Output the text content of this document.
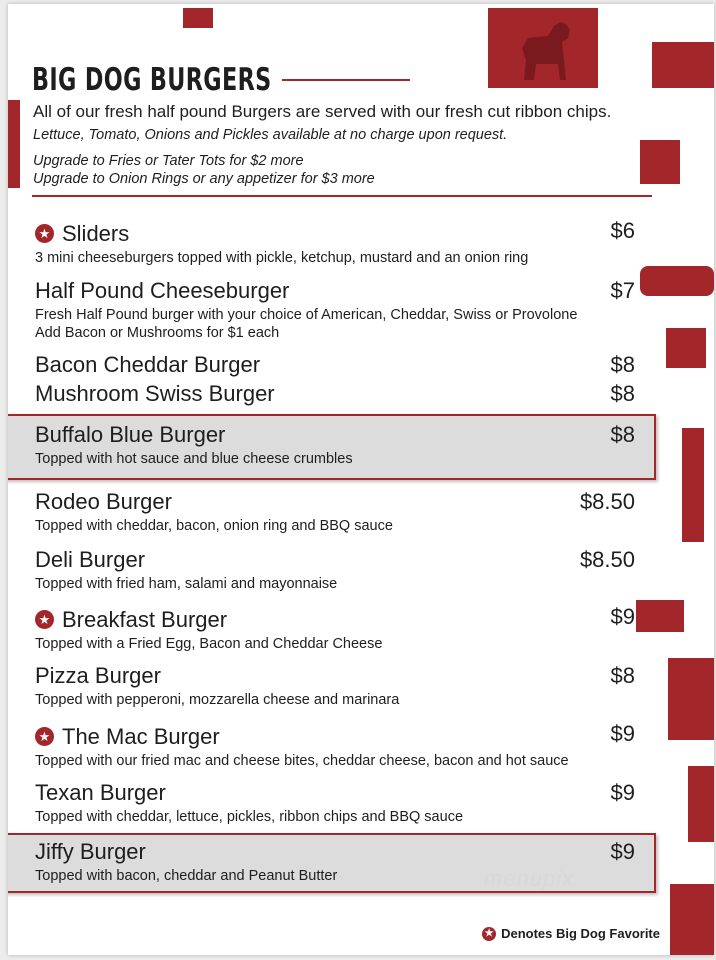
BIG DOG BURGERS

All of our fresh half pound Burgers are served with our fresh cut ribbon chips.

Lettuce, Tomato, Onions and Pickles available at no charge upon request.

Upgrade to Fries or Tater Tots for $2 more

Upgrade to Onion Rings or any appetizer for $3 more

★ Sliders	$6
3 mini cheeseburgers topped with pickle, ketchup, mustard and an onion ring
Half Pound Cheeseburger	$7
Fresh Half Pound burger with your choice of American, Cheddar, Swiss or Provolone
Add Bacon or Mushrooms for $1 each
Bacon Cheddar Burger	$8
Mushroom Swiss Burger	$8
Buffalo Blue Burger	$8
Topped with hot sauce and blue cheese crumbles
Rodeo Burger	$8.50
Topped with cheddar, bacon, onion ring and BBQ sauce
Deli Burger	$8.50
Topped with fried ham, salami and mayonnaise
★ Breakfast Burger	$9
Topped with a Fried Egg, Bacon and Cheddar Cheese
Pizza Burger	$8
Topped with pepperoni, mozzarella cheese and marinara
★ The Mac Burger	$9
Topped with our fried mac and cheese bites, cheddar cheese, bacon and hot sauce
Texan Burger	$9
Topped with cheddar, lettuce, pickles, ribbon chips and BBQ sauce
Jiffy Burger	$9
Topped with bacon, cheddar and Peanut Butter	menupix
★ Denotes Big Dog Favorite
